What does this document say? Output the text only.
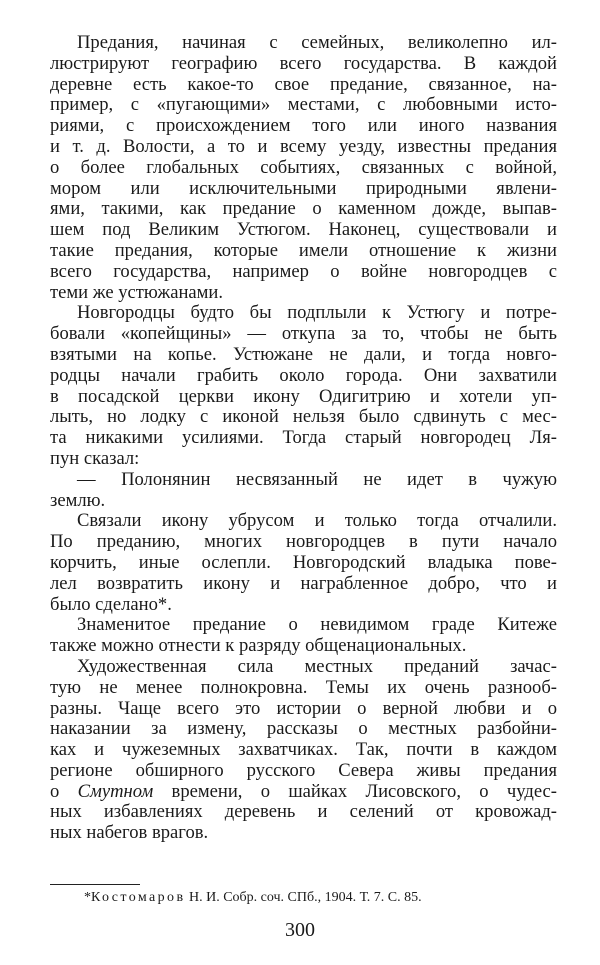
Предания, начиная с семейных, великолепно ил-
люстрируют географию всего государства. В каждой
деревне есть какое-то свое предание, связанное, на-
пример, с «пугающими» местами, с любовными исто-
риями, с происхождением того или иного названия
и т. д. Волости, а то и всему уезду, известны предания
о более глобальных событиях, связанных с войной,
мором или исключительными природными явлени-
ями, такими, как предание о каменном дожде, выпав-
шем под Великим Устюгом. Наконец, существовали и
такие предания, которые имели отношение к жизни
всего государства, например о войне новгородцев с
теми же устюжанами.
Новгородцы будто бы подплыли к Устюгу и потре-
бовали «копейщины» — откупа за то, чтобы не быть
взятыми на копье. Устюжане не дали, и тогда новго-
родцы начали грабить около города. Они захватили
в посадской церкви икону Одигитрию и хотели уп-
лыть, но лодку с иконой нельзя было сдвинуть с мес-
та никакими усилиями. Тогда старый новгородец Ля-
пун сказал:
— Полонянин несвязанный не идет в чужую
землю.
Связали икону убрусом и только тогда отчалили.
По преданию, многих новгородцев в пути начало
корчить, иные ослепли. Новгородский владыка пове-
лел возвратить икону и награбленное добро, что и
было сделано*.
Знаменитое предание о невидимом граде Китеже
также можно отнести к разряду общенациональных.
Художественная сила местных преданий зачас-
тую не менее полнокровна. Темы их очень разнооб-
разны. Чаще всего это истории о верной любви и о
наказании за измену, рассказы о местных разбойни-
ках и чужеземных захватчиках. Так, почти в каждом
регионе обширного русского Севера живы предания
о Смутном времени, о шайках Лисовского, о чудес-
ных избавлениях деревень и селений от кровожад-
ных набегов врагов.
*Костомаров Н. И. Собр. соч. СПб., 1904. Т. 7. С. 85.
300
